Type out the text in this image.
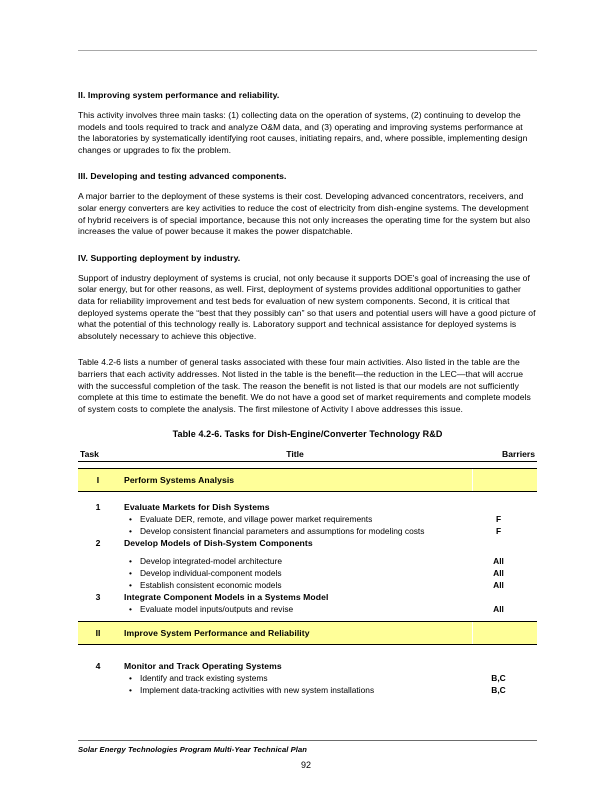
II. Improving system performance and reliability.

This activity involves three main tasks: (1) collecting data on the operation of systems, (2) continuing to develop the models and tools required to track and analyze O&M data, and (3) operating and improving systems performance at the laboratories by systematically identifying root causes, initiating repairs, and, where possible, implementing design changes or upgrades to fix the problem.

III. Developing and testing advanced components.

A major barrier to the deployment of these systems is their cost. Developing advanced concentrators, receivers, and solar energy converters are key activities to reduce the cost of electricity from dish-engine systems. The development of hybrid receivers is of special importance, because this not only increases the operating time for the system but also increases the value of power because it makes the power dispatchable.

IV. Supporting deployment by industry.

Support of industry deployment of systems is crucial, not only because it supports DOE's goal of increasing the use of solar energy, but for other reasons, as well. First, deployment of systems provides additional opportunities to gather data for reliability improvement and test beds for evaluation of new system components. Second, it is critical that deployed systems operate the “best that they possibly can” so that users and potential users will have a good picture of what the potential of this technology really is. Laboratory support and technical assistance for deployed systems is absolutely necessary to achieve this objective.

Table 4.2-6 lists a number of general tasks associated with these four main activities. Also listed in the table are the barriers that each activity addresses. Not listed in the table is the benefit—the reduction in the LEC—that will accrue with the successful completion of the task. The reason the benefit is not listed is that our models are not sufficiently complete at this time to estimate the benefit. We do not have a good set of market requirements and complete models of system costs to complete the analysis. The first milestone of Activity I above addresses this issue.

Table 4.2-6. Tasks for Dish-Engine/Converter Technology R&D
Task	Title	Barriers

I	Perform Systems Analysis	

1	Evaluate Markets for Dish Systems	

	• Evaluate DER, remote, and village power market requirements	F

	• Develop consistent financial parameters and assumptions for modeling costs	F
2	Develop Models of Dish-System Components	

	• Develop integrated-model architecture	All

	• Develop individual-component models	All

	• Establish consistent economic models	All
3	Integrate Component Models in a Systems Model	

	• Evaluate model inputs/outputs and revise	All

II	Improve System Performance and Reliability	

4	Monitor and Track Operating Systems	

	• Identify and track existing systems	B,C

	• Implement data-tracking activities with new system installations	B,C
Solar Energy Technologies Program Multi-Year Technical Plan
92
